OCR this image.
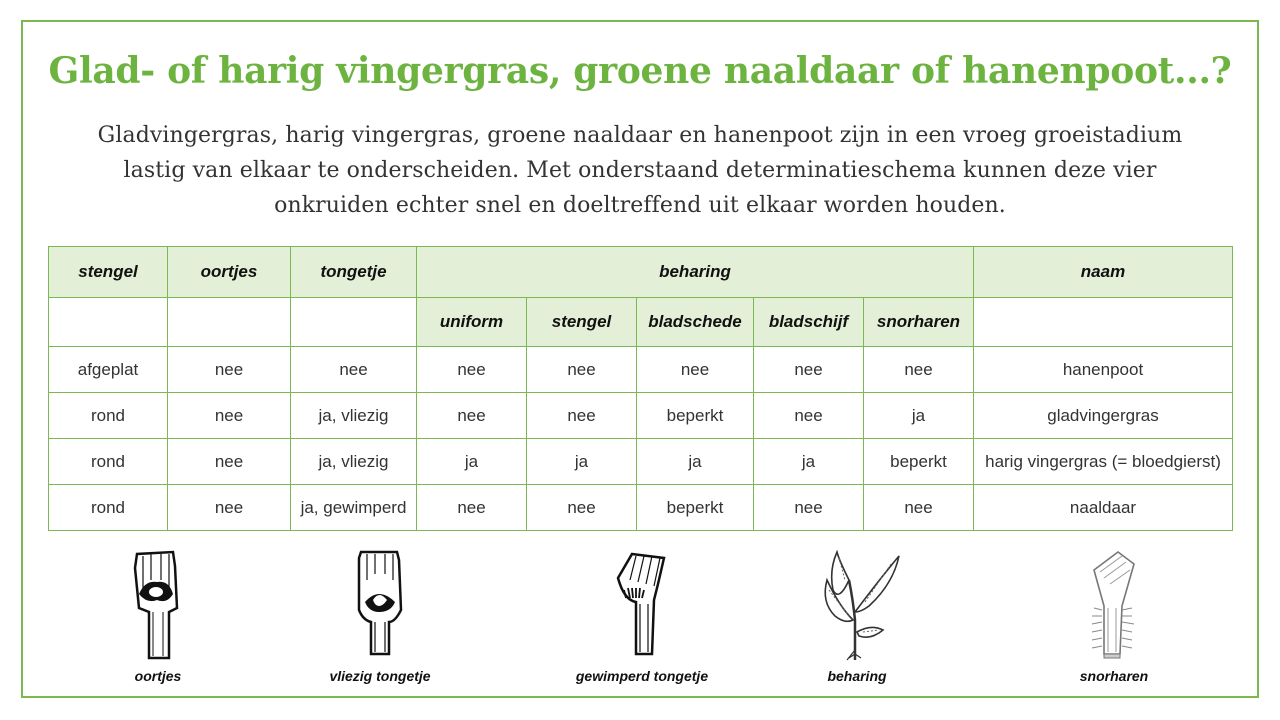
Glad- of harig vingergras, groene naaldaar of hanenpoot...?

Gladvingergras, harig vingergras, groene naaldaar en hanenpoot zijn in een vroeg groeistadium lastig van elkaar te onderscheiden. Met onderstaand determinatieschema kunnen deze vier onkruiden echter snel en doeltreffend uit elkaar worden houden.

stengel	oortjes	tongetje	beharing					naam
			uniform	stengel	bladschede	bladschijf	snorharen	
afgeplat	nee	nee	nee	nee	nee	nee	nee	hanenpoot
rond	nee	ja, vliezig	nee	nee	beperkt	nee	ja	gladvingergras
rond	nee	ja, vliezig	ja	ja	ja	ja	beperkt	harig vingergras (= bloedgierst)
rond	nee	ja, gewimperd	nee	nee	beperkt	nee	nee	naaldaar
oortjes	vliezig tongetje	gewimperd tongetje	beharing	snorharen
